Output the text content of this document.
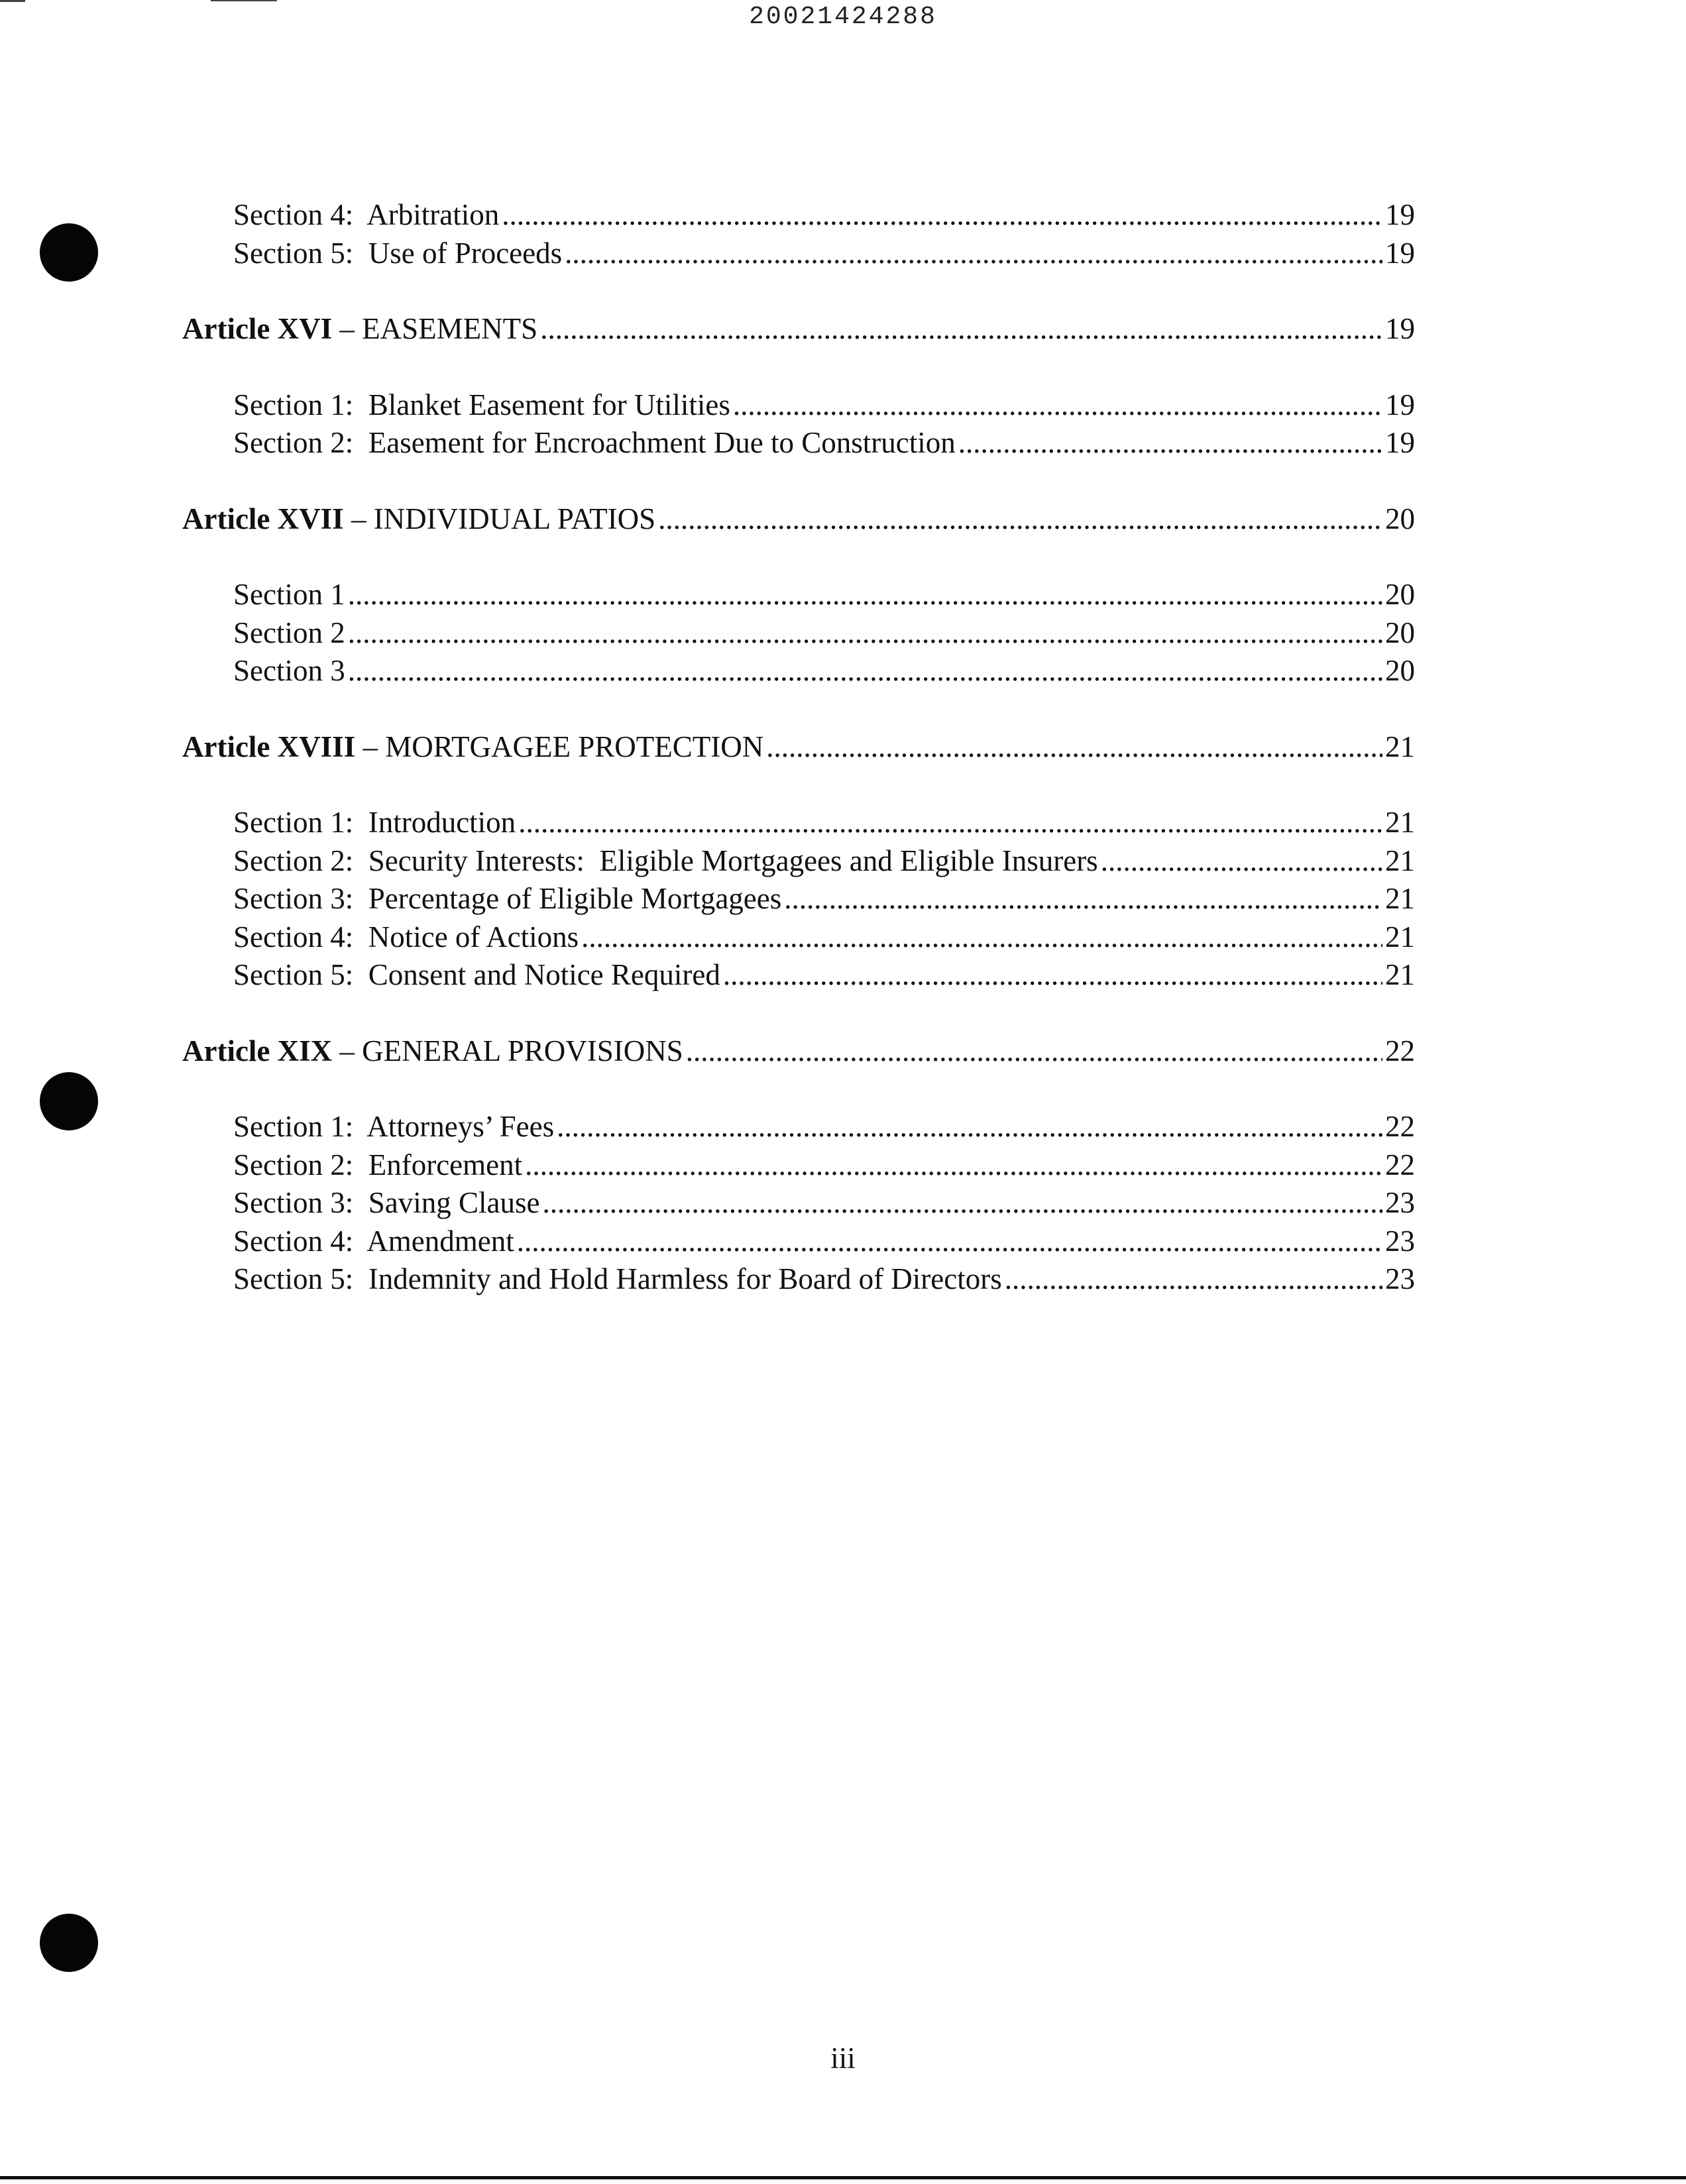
20021424288
Section 4:  Arbitration .....	19
Section 5:  Use of Proceeds .....	19
Article XVI – EASEMENTS .....	19
Section 1:  Blanket Easement for Utilities .....	19
Section 2:  Easement for Encroachment Due to Construction .....	19
Article XVII – INDIVIDUAL PATIOS .....	20
Section 1 .....	20
Section 2 .....	20
Section 3 .....	20
Article XVIII – MORTGAGEE PROTECTION .....	21
Section 1:  Introduction .....	21
Section 2:  Security Interests:  Eligible Mortgagees and Eligible Insurers .....	21
Section 3:  Percentage of Eligible Mortgagees .....	21
Section 4:  Notice of Actions .....	21
Section 5:  Consent and Notice Required .....	21
Article XIX – GENERAL PROVISIONS .....	22
Section 1:  Attorneys’ Fees .....	22
Section 2:  Enforcement .....	22
Section 3:  Saving Clause .....	23
Section 4:  Amendment .....	23
Section 5:  Indemnity and Hold Harmless for Board of Directors .....	23
iii
